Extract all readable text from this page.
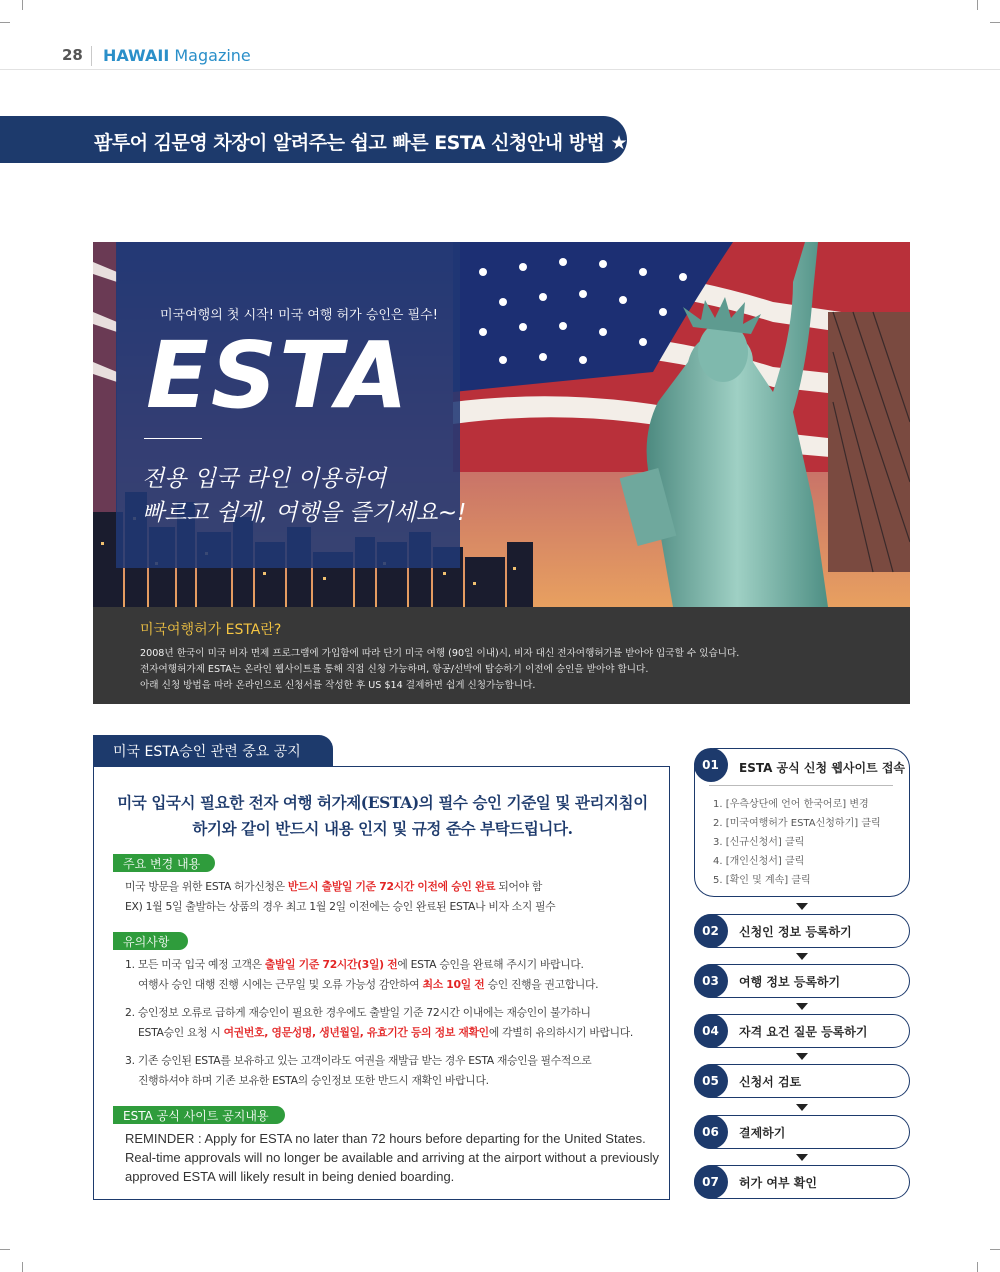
28 HAWAII Magazine
팜투어 김문영 차장이 알려주는 쉽고 빠른 ESTA 신청안내 방법 ★
미국여행의 첫 시작! 미국 여행 허가 승인은 필수!
ESTA
전용 입국 라인 이용하여
빠르고 쉽게, 여행을 즐기세요~!
미국여행허가 ESTA란?
2008년 한국이 미국 비자 면제 프로그램에 가입함에 따라 단기 미국 여행 (90일 이내)시, 비자 대신 전자여행허가를 받아야 입국할 수 있습니다.
전자여행허가제 ESTA는 온라인 웹사이트를 통해 직접 신청 가능하며, 항공/선박에 탑승하기 이전에 승인을 받아야 합니다.
아래 신청 방법을 따라 온라인으로 신청서를 작성한 후 US $14 결제하면 쉽게 신청가능합니다.
미국 ESTA승인 관련 중요 공지
미국 입국시 필요한 전자 여행 허가제(ESTA)의 필수 승인 기준일 및 관리지침이
하기와 같이 반드시 내용 인지 및 규정 준수 부탁드립니다.
주요 변경 내용
미국 방문을 위한 ESTA 허가신청은 반드시 출발일 기준 72시간 이전에 승인 완료 되어야 함
EX) 1월 5일 출발하는 상품의 경우 최고 1월 2일 이전에는 승인 완료된 ESTA나 비자 소지 필수
유의사항
1. 모든 미국 입국 예정 고객은 출발일 기준 72시간(3일) 전에 ESTA 승인을 완료해 주시기 바랍니다.
여행사 승인 대행 진행 시에는 근무일 및 오류 가능성 감안하여 최소 10일 전 승인 진행을 권고합니다.
2. 승인정보 오류로 급하게 재승인이 필요한 경우에도 출발일 기준 72시간 이내에는 재승인이 불가하니
ESTA승인 요청 시 여권번호, 영문성명, 생년월일, 유효기간 등의 정보 재확인에 각별히 유의하시기 바랍니다.
3. 기존 승인된 ESTA를 보유하고 있는 고객이라도 여권을 재발급 받는 경우 ESTA 재승인을 필수적으로
진행하셔야 하며 기존 보유한 ESTA의 승인정보 또한 반드시 재확인 바랍니다.
ESTA 공식 사이트 공지내용
REMINDER : Apply for ESTA no later than 72 hours before departing for the United States.
Real-time approvals will no longer be available and arriving at the airport without a previously
approved ESTA will likely result in being denied boarding.
01	ESTA 공식 신청 웹사이트 접속
1. [우측상단에 언어 한국어로] 변경
2. [미국여행허가 ESTA신청하기] 클릭
3. [신규신청서] 클릭
4. [개인신청서] 클릭
5. [확인 및 계속] 클릭
02	신청인 정보 등록하기
03	여행 정보 등록하기
04	자격 요건 질문 등록하기
05	신청서 검토
06	결제하기
07	허가 여부 확인
